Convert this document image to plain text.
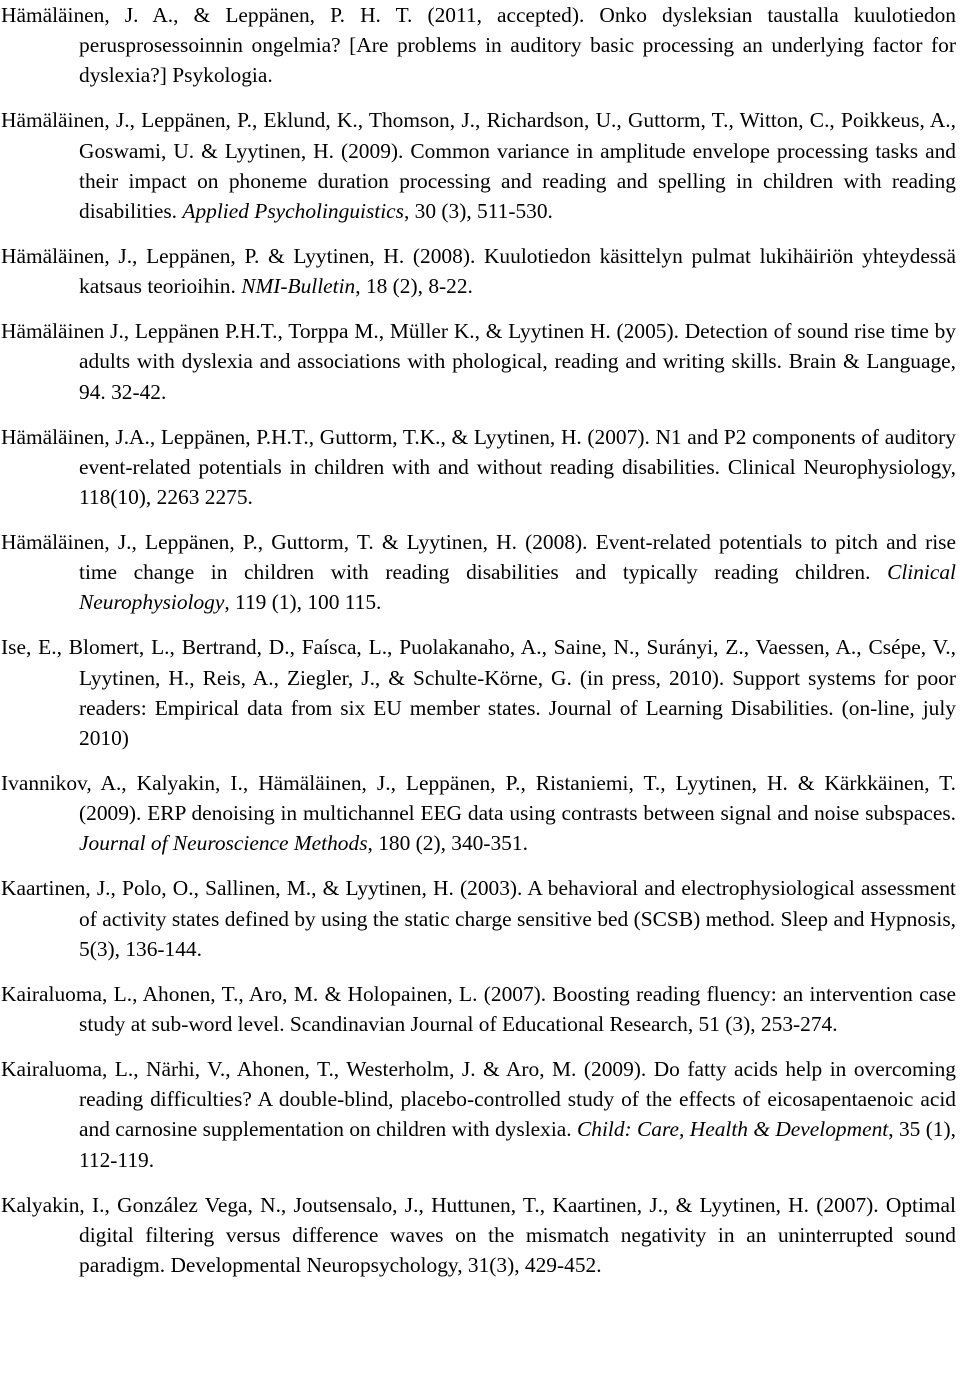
Hämäläinen, J. A., & Leppänen, P. H. T. (2011, accepted). Onko dysleksian taustalla kuulotiedon perusprosessoinnin ongelmia? [Are problems in auditory basic processing an underlying factor for dyslexia?] Psykologia.

Hämäläinen, J., Leppänen, P., Eklund, K., Thomson, J., Richardson, U., Guttorm, T., Witton, C., Poikkeus, A., Goswami, U. & Lyytinen, H. (2009). Common variance in amplitude envelope processing tasks and their impact on phoneme duration processing and reading and spelling in children with reading disabilities. Applied Psycholinguistics, 30 (3), 511-530.

Hämäläinen, J., Leppänen, P. & Lyytinen, H. (2008). Kuulotiedon käsittelyn pulmat lukihäiriön yhteydessä katsaus teorioihin. NMI-Bulletin, 18 (2), 8-22.

Hämäläinen J., Leppänen P.H.T., Torppa M., Müller K., & Lyytinen H. (2005). Detection of sound rise time by adults with dyslexia and associations with phological, reading and writing skills. Brain & Language, 94. 32-42.

Hämäläinen, J.A., Leppänen, P.H.T., Guttorm, T.K., & Lyytinen, H. (2007). N1 and P2 components of auditory event-related potentials in children with and without reading disabilities. Clinical Neurophysiology, 118(10), 2263 2275.

Hämäläinen, J., Leppänen, P., Guttorm, T. & Lyytinen, H. (2008). Event-related potentials to pitch and rise time change in children with reading disabilities and typically reading children. Clinical Neurophysiology, 119 (1), 100 115.

Ise, E., Blomert, L., Bertrand, D., Faísca, L., Puolakanaho, A., Saine, N., Surányi, Z., Vaessen, A., Csépe, V., Lyytinen, H., Reis, A., Ziegler, J., & Schulte-Körne, G. (in press, 2010). Support systems for poor readers: Empirical data from six EU member states. Journal of Learning Disabilities. (on-line, july 2010)

Ivannikov, A., Kalyakin, I., Hämäläinen, J., Leppänen, P., Ristaniemi, T., Lyytinen, H. & Kärkkäinen, T. (2009). ERP denoising in multichannel EEG data using contrasts between signal and noise subspaces. Journal of Neuroscience Methods, 180 (2), 340-351.

Kaartinen, J., Polo, O., Sallinen, M., & Lyytinen, H. (2003). A behavioral and electrophysiological assessment of activity states defined by using the static charge sensitive bed (SCSB) method. Sleep and Hypnosis, 5(3), 136-144.

Kairaluoma, L., Ahonen, T., Aro, M. & Holopainen, L. (2007). Boosting reading fluency: an intervention case study at sub-word level. Scandinavian Journal of Educational Research, 51 (3), 253-274.

Kairaluoma, L., Närhi, V., Ahonen, T., Westerholm, J. & Aro, M. (2009). Do fatty acids help in overcoming reading difficulties? A double-blind, placebo-controlled study of the effects of eicosapentaenoic acid and carnosine supplementation on children with dyslexia. Child: Care, Health & Development, 35 (1), 112-119.

Kalyakin, I., González Vega, N., Joutsensalo, J., Huttunen, T., Kaartinen, J., & Lyytinen, H. (2007). Optimal digital filtering versus difference waves on the mismatch negativity in an uninterrupted sound paradigm. Developmental Neuropsychology, 31(3), 429-452.
